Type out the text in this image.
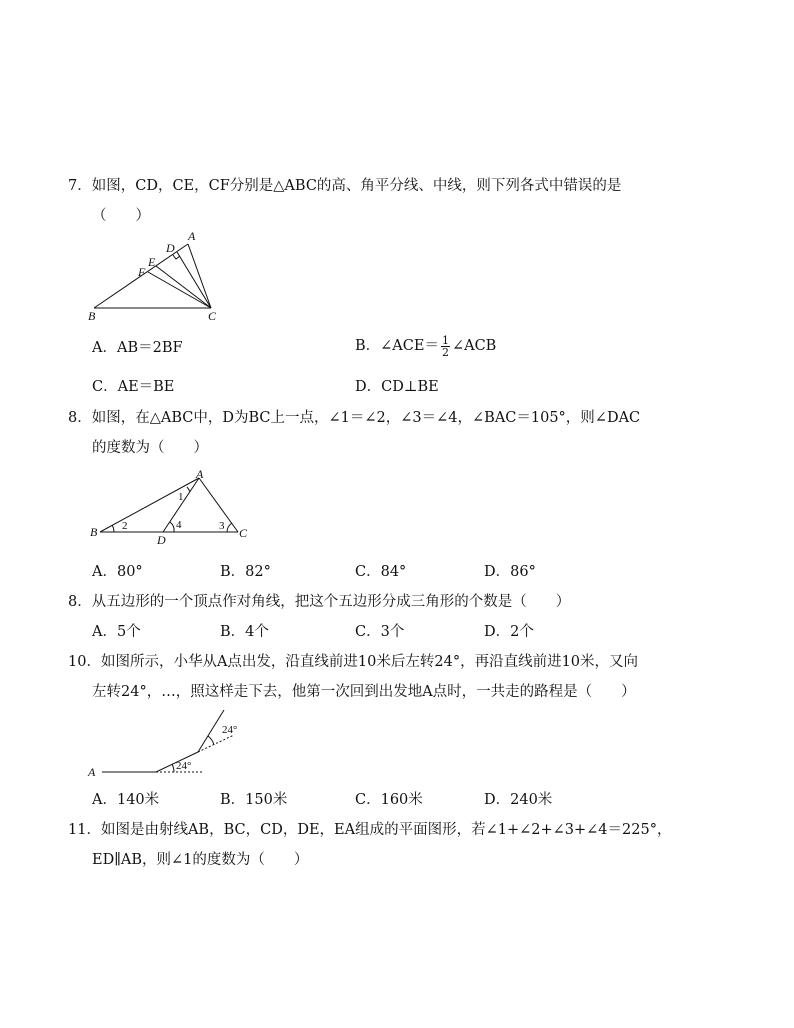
7．如图，CD，CE，CF分别是△ABC的高、角平分线、中线，则下列各式中错误的是
（　　）
A
D
E
F
B	C
A．AB＝2BF	B．∠ACE＝ $\frac{1}{2}$ ∠ACB
C．AE＝BE	D．CD⊥BE
8．如图，在△ABC中，D为BC上一点，∠1＝∠2，∠3＝∠4，∠BAC＝105°，则∠DAC
的度数为（　　）
A
B	C
D
1
2	3
4
A．80°	B．82°	C．84°	D．86°
8．从五边形的一个顶点作对角线，把这个五边形分成三角形的个数是（　　）
A．5个	B．4个	C．3个	D．2个
10．如图所示，小华从A点出发，沿直线前进10米后左转24°，再沿直线前进10米，又向
左转24°，…，照这样走下去，他第一次回到出发地A点时，一共走的路程是（　　）
A	24°
24°
A．140米	B．150米	C．160米	D．240米
11．如图是由射线AB，BC，CD，DE，EA组成的平面图形，若∠1+∠2+∠3+∠4＝225°，
ED∥AB，则∠1的度数为（　　）
